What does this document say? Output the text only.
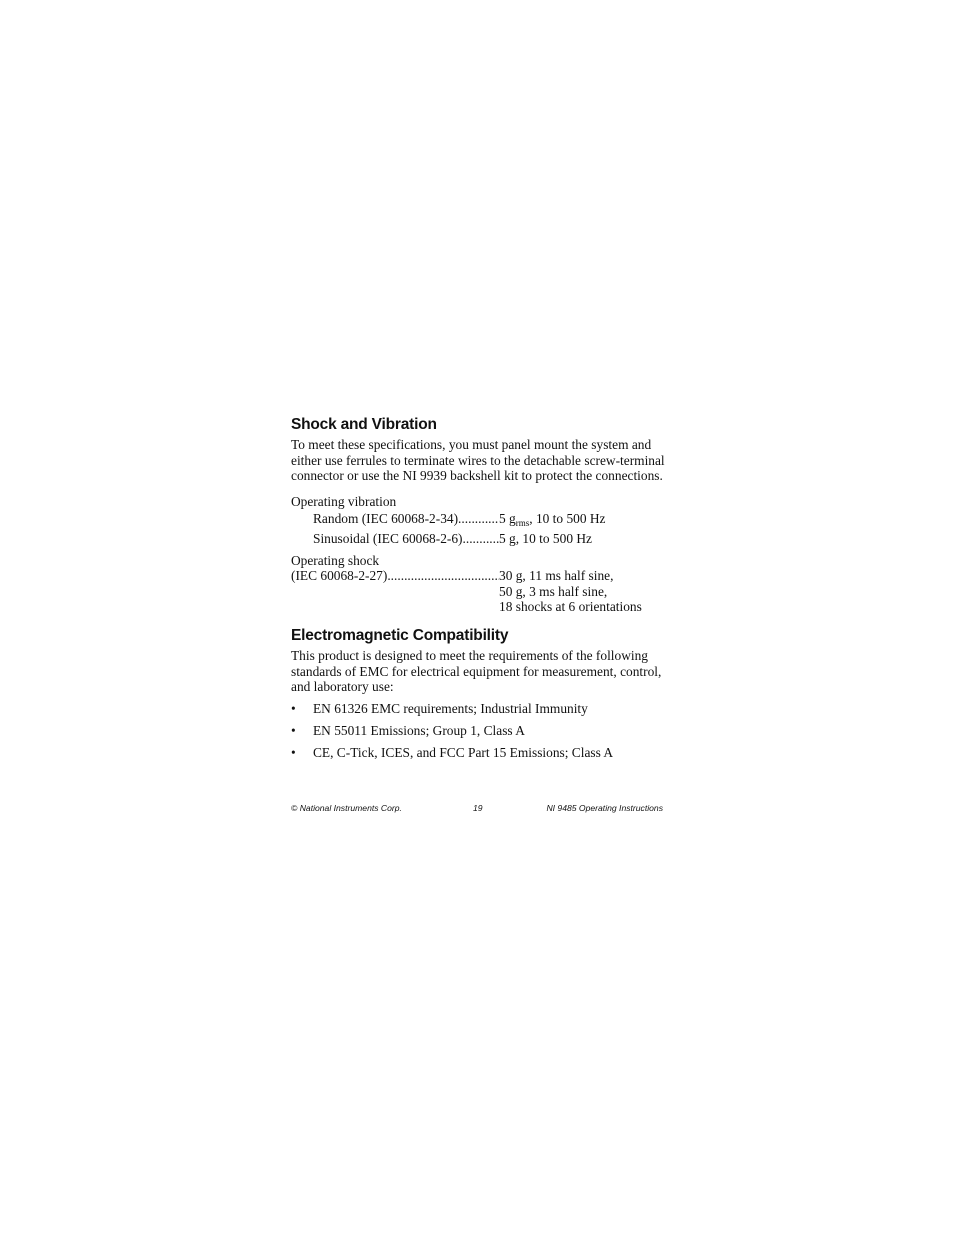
Shock and Vibration

To meet these specifications, you must panel mount the system and either use ferrules to terminate wires to the detachable screw-terminal connector or use the NI 9939 backshell kit to protect the connections.

Operating vibration
Random (IEC 60068-2-34) .....	5 $g_{rms}$, 10 to 500 Hz
Sinusoidal (IEC 60068-2-6) .....	5 g, 10 to 500 Hz
Operating shock
(IEC 60068-2-27) .....	30 g, 11 ms half sine,
50 g, 3 ms half sine,
18 shocks at 6 orientations
Electromagnetic Compatibility

This product is designed to meet the requirements of the following standards of EMC for electrical equipment for measurement, control, and laboratory use:

•	EN 61326 EMC requirements; Industrial Immunity
•	EN 55011 Emissions; Group 1, Class A
•	CE, C-Tick, ICES, and FCC Part 15 Emissions; Class A
© National Instruments Corp.	19	NI 9485 Operating Instructions
